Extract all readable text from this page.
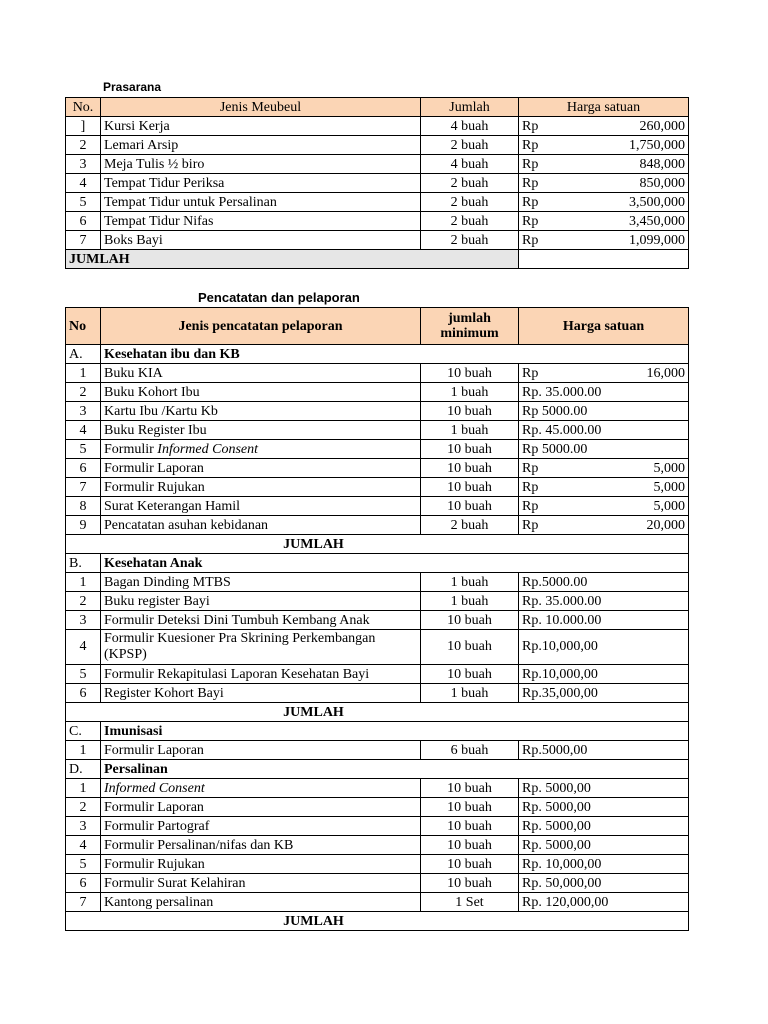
Prasarana
No.	Jenis Meubeul	Jumlah	Harga satuan
]	Kursi Kerja	4 buah	Rp 260,000

2	Lemari Arsip	2 buah	Rp 1,750,000

3	Meja Tulis ½ biro	4 buah	Rp 848,000

4	Tempat Tidur Periksa	2 buah	Rp 850,000

5	Tempat Tidur untuk Persalinan	2 buah	Rp 3,500,000

6	Tempat Tidur Nifas	2 buah	Rp 3,450,000

7	Boks Bayi	2 buah	Rp 1,099,000

JUMLAH			
Pencatatan dan pelaporan
No	Jenis pencatatan pelaporan	jumlah minimum	Harga satuan
A.	Kesehatan ibu dan KB		
1	Buku KIA	10 buah	Rp 16,000

2	Buku Kohort Ibu	1 buah	Rp. 35.000.00

3	Kartu Ibu /Kartu Kb	10 buah	Rp 5000.00

4	Buku Register Ibu	1 buah	Rp. 45.000.00

5	Formulir Informed Consent	10 buah	Rp 5000.00

6	Formulir Laporan	10 buah	Rp 5,000

7	Formulir Rujukan	10 buah	Rp 5,000

8	Surat Keterangan Hamil	10 buah	Rp 5,000

9	Pencatatan asuhan kebidanan	2 buah	Rp 20,000

JUMLAH			
B.	Kesehatan Anak		
1	Bagan Dinding MTBS	1 buah	Rp.5000.00

2	Buku register Bayi	1 buah	Rp. 35.000.00

3	Formulir Deteksi Dini Tumbuh Kembang Anak	10 buah	Rp. 10.000.00

4	Formulir Kuesioner Pra Skrining Perkembangan (KPSP)	10 buah	Rp.10,000,00

5	Formulir Rekapitulasi Laporan Kesehatan Bayi	10 buah	Rp.10,000,00

6	Register Kohort Bayi	1 buah	Rp.35,000,00

JUMLAH			
C.	Imunisasi		
1	Formulir Laporan	6 buah	Rp.5000,00

D.	Persalinan		
1	Informed Consent	10 buah	Rp. 5000,00

2	Formulir Laporan	10 buah	Rp. 5000,00

3	Formulir Partograf	10 buah	Rp. 5000,00

4	Formulir Persalinan/nifas dan KB	10 buah	Rp. 5000,00

5	Formulir Rujukan	10 buah	Rp. 10,000,00

6	Formulir Surat Kelahiran	10 buah	Rp. 50,000,00

7	Kantong persalinan	1 Set	Rp. 120,000,00

JUMLAH			
